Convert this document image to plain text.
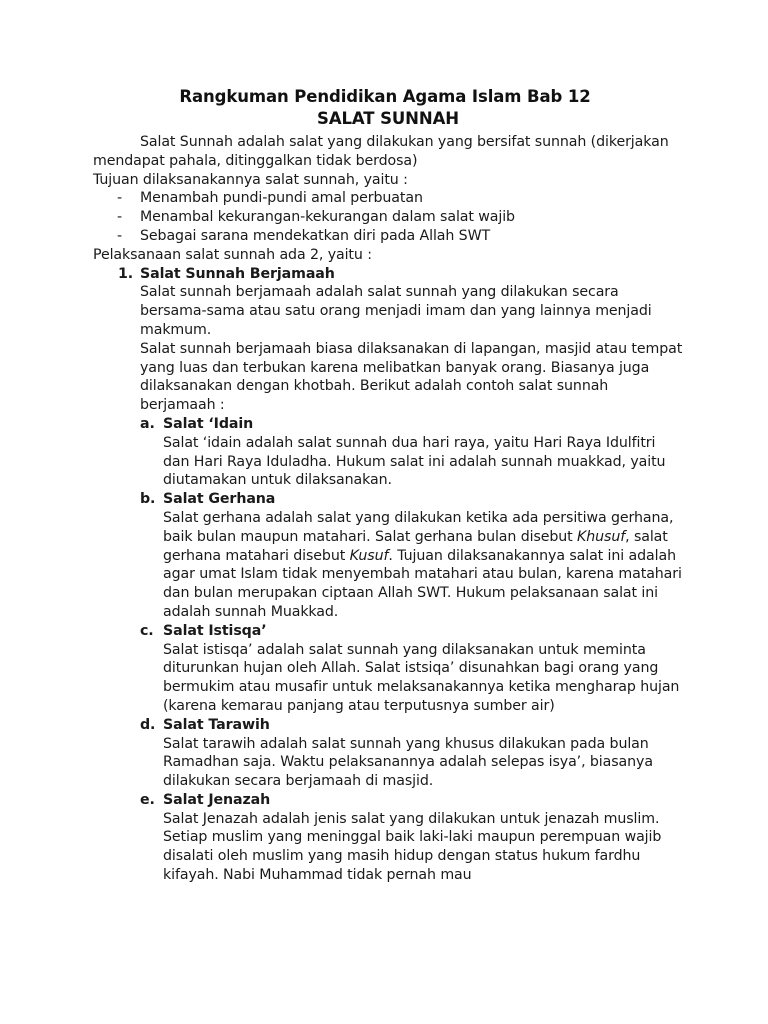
Rangkuman Pendidikan Agama Islam Bab 12
SALAT SUNNAH

Salat Sunnah adalah salat yang dilakukan yang bersifat sunnah (dikerjakan mendapat pahala, ditinggalkan tidak berdosa)

Tujuan dilaksanakannya salat sunnah, yaitu :

- Menambah pundi-pundi amal perbuatan
- Menambal kekurangan-kekurangan dalam salat wajib
- Sebagai sarana mendekatkan diri pada Allah SWT

Pelaksanaan salat sunnah ada 2, yaitu :

1. Salat Sunnah Berjamaah

Salat sunnah berjamaah adalah salat sunnah yang dilakukan secara bersama-sama atau satu orang menjadi imam dan yang lainnya menjadi makmum.

Salat sunnah berjamaah biasa dilaksanakan di lapangan, masjid atau tempat yang luas dan terbukan karena melibatkan banyak orang. Biasanya juga dilaksanakan dengan khotbah. Berikut adalah contoh salat sunnah berjamaah :

a. Salat ‘Idain

Salat ‘idain adalah salat sunnah dua hari raya, yaitu Hari Raya Idulfitri dan Hari Raya Iduladha. Hukum salat ini adalah sunnah muakkad, yaitu diutamakan untuk dilaksanakan.

b. Salat Gerhana

Salat gerhana adalah salat yang dilakukan ketika ada persitiwa gerhana, baik bulan maupun matahari. Salat gerhana bulan disebut Khusuf, salat gerhana matahari disebut Kusuf. Tujuan dilaksanakannya salat ini adalah agar umat Islam tidak menyembah matahari atau bulan, karena matahari dan bulan merupakan ciptaan Allah SWT. Hukum pelaksanaan salat ini adalah sunnah Muakkad.

c. Salat Istisqa’

Salat istisqa’ adalah salat sunnah yang dilaksanakan untuk meminta diturunkan hujan oleh Allah. Salat istsiqa’ disunahkan bagi orang yang bermukim atau musafir untuk melaksanakannya ketika mengharap hujan (karena kemarau panjang atau terputusnya sumber air)

d. Salat Tarawih

Salat tarawih adalah salat sunnah yang khusus dilakukan pada bulan Ramadhan saja. Waktu pelaksanannya adalah selepas isya’, biasanya dilakukan secara berjamaah di masjid.

e. Salat Jenazah

Salat Jenazah adalah jenis salat yang dilakukan untuk jenazah muslim. Setiap muslim yang meninggal baik laki-laki maupun perempuan wajib disalati oleh muslim yang masih hidup dengan status hukum fardhu kifayah. Nabi Muhammad tidak pernah mau
